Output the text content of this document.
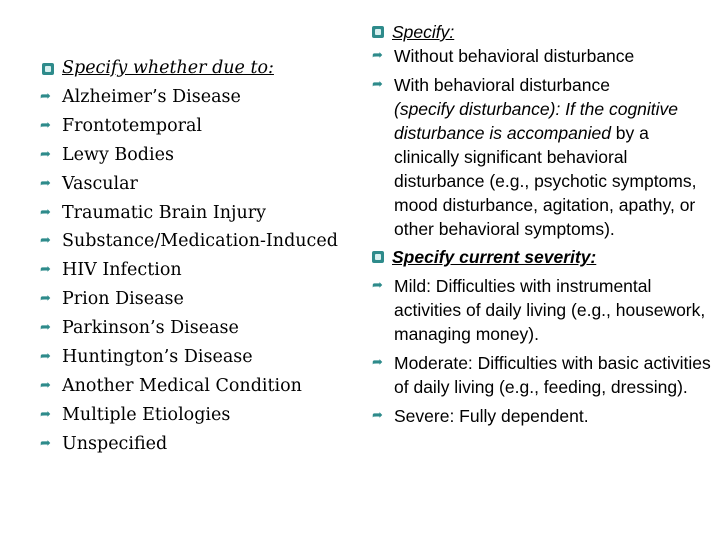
Specify whether due to:
➦ Alzheimer’s Disease
➦ Frontotemporal
➦ Lewy Bodies
➦ Vascular
➦ Traumatic Brain Injury
➦ Substance/Medication-Induced
➦ HIV Infection
➦ Prion Disease
➦ Parkinson’s Disease
➦ Huntington’s Disease
➦ Another Medical Condition
➦ Multiple Etiologies
➦ Unspecified
Specify:
➦ Without behavioral disturbance
➦ With behavioral disturbance
(specify disturbance): If the cognitive disturbance is accompanied by a clinically significant behavioral disturbance (e.g., psychotic symptoms, mood disturbance, agitation, apathy, or other behavioral symptoms).
Specify current severity:
➦ Mild: Difficulties with instrumental activities of daily living (e.g., housework, managing money).
➦ Moderate: Difficulties with basic activities of daily living (e.g., feeding, dressing).
➦ Severe: Fully dependent.
